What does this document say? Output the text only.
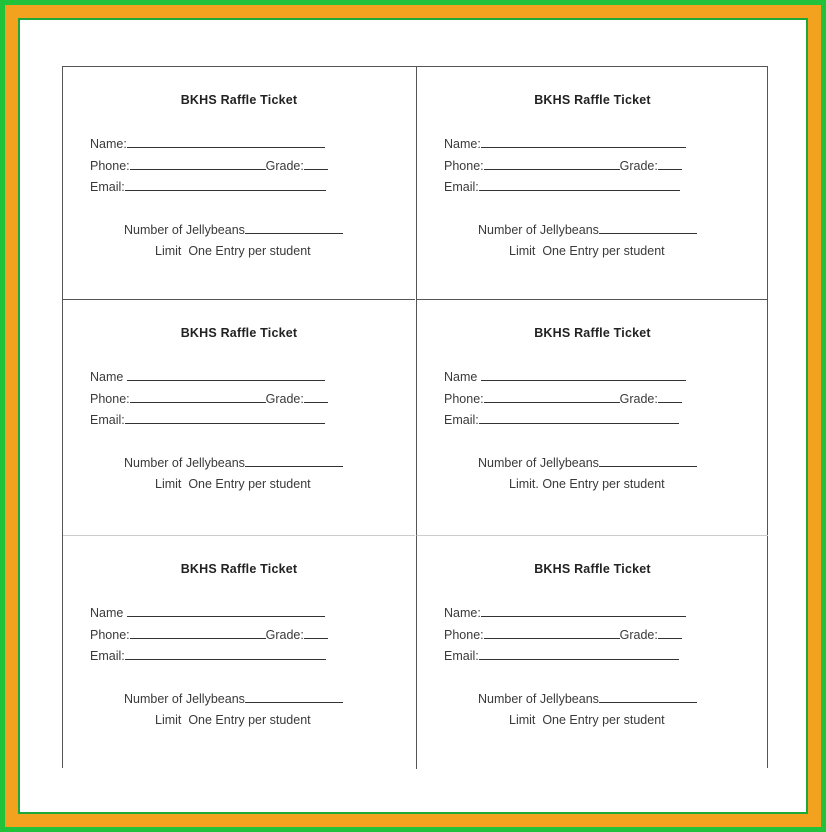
BKHS Raffle Ticket
Name:
Phone:	Grade:
Email:
Number of Jellybeans
Limit  One Entry per student
BKHS Raffle Ticket
Name:
Phone:	Grade:
Email:
Number of Jellybeans
Limit  One Entry per student
BKHS Raffle Ticket
Name
Phone:	Grade:
Email:
Number of Jellybeans
Limit  One Entry per student
BKHS Raffle Ticket
Name
Phone:	Grade:
Email:
Number of Jellybeans
Limit. One Entry per student
BKHS Raffle Ticket
Name
Phone:	Grade:
Email:
Number of Jellybeans
Limit  One Entry per student
BKHS Raffle Ticket
Name:
Phone:	Grade:
Email:
Number of Jellybeans
Limit  One Entry per student
